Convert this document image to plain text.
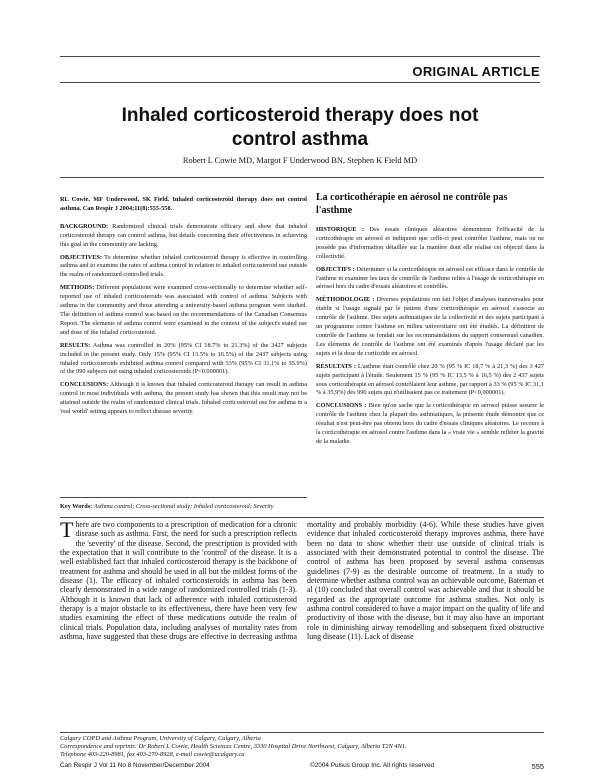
ORIGINAL ARTICLE
Inhaled corticosteroid therapy does not
control asthma
Robert L Cowie MD, Margot F Underwood BN, Stephen K Field MD
RL Cowie, MF Underwood, SK Field. Inhaled corticosteroid therapy does not control asthma. Can Respir J 2004;11(8):555-558.
BACKGROUND: Randomized clinical trials demonstrate efficacy and show that inhaled corticosteroid therapy can control asthma, but details concerning their effectiveness in achieving this goal in the community are lacking.
OBJECTIVES: To determine whether inhaled corticosteroid therapy is effective in controlling asthma and to examine the rates of asthma control in relation to inhaled corticosteroid use outside the realm of randomized controlled trials.
METHODS: Different populations were examined cross-sectionally to determine whether self-reported use of inhaled corticosteroids was associated with control of asthma. Subjects with asthma in the community and those attending a university-based asthma program were studied. The definition of asthma control was based on the recommendations of the Canadian Consensus Report. The elements of asthma control were examined in the context of the subject's stated use and dose of the inhaled corticosteroid.
RESULTS: Asthma was controlled in 20% (95% CI 18.7% to 21.3%) of the 3427 subjects included in the present study. Only 15% (95% CI 13.5% to 16.5%) of the 2437 subjects using inhaled corticosteroids exhibited asthma control compared with 33% (95% CI 31.1% to 35.9%) of the 990 subjects not using inhaled corticosteroids (P<0.000001).
CONCLUSIONS: Although it is known that inhaled corticosteroid therapy can result in asthma control in most individuals with asthma, the present study has shown that this result may not be attained outside the realm of randomized clinical trials. Inhaled corticosteroid use for asthma in a 'real world' setting appears to reflect disease severity.
Key Words: Asthma control; Cross-sectional study; Inhaled corticosteroid; Severity
La corticothérapie en aérosol ne contrôle pas l'asthme
HISTORIQUE : Des essais cliniques aléatoires démontrent l'efficacité de la corticothérapie en aérosol et indiquent que celle-ci peut contrôler l'asthme, mais on ne possède pas d'information détaillée sur la manière dont elle réalise cet objectif dans la collectivité.
OBJECTIFS : Déterminer si la corticothérapie en aérosol est efficace dans le contrôle de l'asthme et examiner les taux de contrôle de l'asthme reliés à l'usage de corticothérapie en aérosol hors du cadre d'essais aléatoires et contrôlés.
MÉTHODOLOGIE : Diverses populations ont fait l'objet d'analyses transversales pour établir si l'usage signalé par le patient d'une corticothérapie en aérosol s'associe au contrôle de l'asthme. Des sujets asthmatiques de la collectivité et des sujets participant à un programme contre l'asthme en milieu universitaire ont été étudiés. La définition de contrôle de l'asthme se fondait sur les recommandations du rapport consensuel canadien. Les éléments de contrôle de l'asthme ont été examinés d'après l'usage déclaré par les sujets et la dose de corticoïde en aérosol.
RÉSULTATS : L'asthme était contrôlé chez 20 % (95 % IC 18,7 % à 21,3 %) des 3 427 sujets participant à l'étude. Seulement 15 % (95 % IC 13,5 % à 16,5 %) des 2 437 sujets sous corticothérapie en aérosol contrôlaient leur asthme, par rapport à 33 % (95 % IC 31,1 % à 35,9%) des 990 sujets qui n'utilisaient pas ce traitement (P<0,000001).
CONCLUSIONS : Bien qu'on sache que la corticothérapie en aérosol puisse assurer le contrôle de l'asthme chez la plupart des asthmatiques, la présente étude démontre que ce résultat n'est peut-être pas obtenu hors du cadre d'essais cliniques aléatoires. Le recours à la corticothérapie en aérosol contre l'asthme dans la « vraie vie » semble refléter la gravité de la maladie.
There are two components to a prescription of medication for a chronic disease such as asthma. First, the need for such a prescription reflects the 'severity' of the disease. Second, the prescription is provided with the expectation that it will contribute to the 'control' of the disease. It is a well established fact that inhaled corticosteroid therapy is the backbone of treatment for asthma and should be used in all but the mildest forms of the disease (1). The efficacy of inhaled corticosteroids in asthma has been clearly demonstrated in a wide range of randomized controlled trials (1-3). Although it is known that lack of adherence with inhaled corticosteroid therapy is a major obstacle to its effectiveness, there have been very few studies examining the effect of these medications outside the realm of clinical trials. Population data, including analyses of mortality rates from asthma, have suggested that these drugs are effective in decreasing asthma mortality and probably morbidity (4-6). While these studies have given evidence that inhaled corticosteroid therapy improves asthma, there have been no data to show whether their use outside of clinical trials is associated with their demonstrated potential to control the disease. The control of asthma has been proposed by several asthma consensus guidelines (7-9) as the desirable outcome of treatment. In a study to determine whether asthma control was an achievable outcome, Bateman et al (10) concluded that overall control was achievable and that it should be regarded as the appropriate outcome for asthma studies. Not only is asthma control considered to have a major impact on the quality of life and productivity of those with the disease, but it may also have an important role in diminishing airway remodelling and subsequent fixed obstructive lung disease (11). Lack of disease
Calgary COPD and Asthma Program, University of Calgary, Calgary, Alberta
Correspondence and reprints: Dr Robert L Cowie, Health Sciences Centre, 3330 Hospital Drive Northwest, Calgary, Alberta T2N 4N1.
Telephone 403-220-8981, fax 403-270-8928, e-mail cowie@ucalgary.ca
Can Respir J Vol 11 No 8 November/December 2004	©2004 Pulsus Group Inc. All rights reserved	555
